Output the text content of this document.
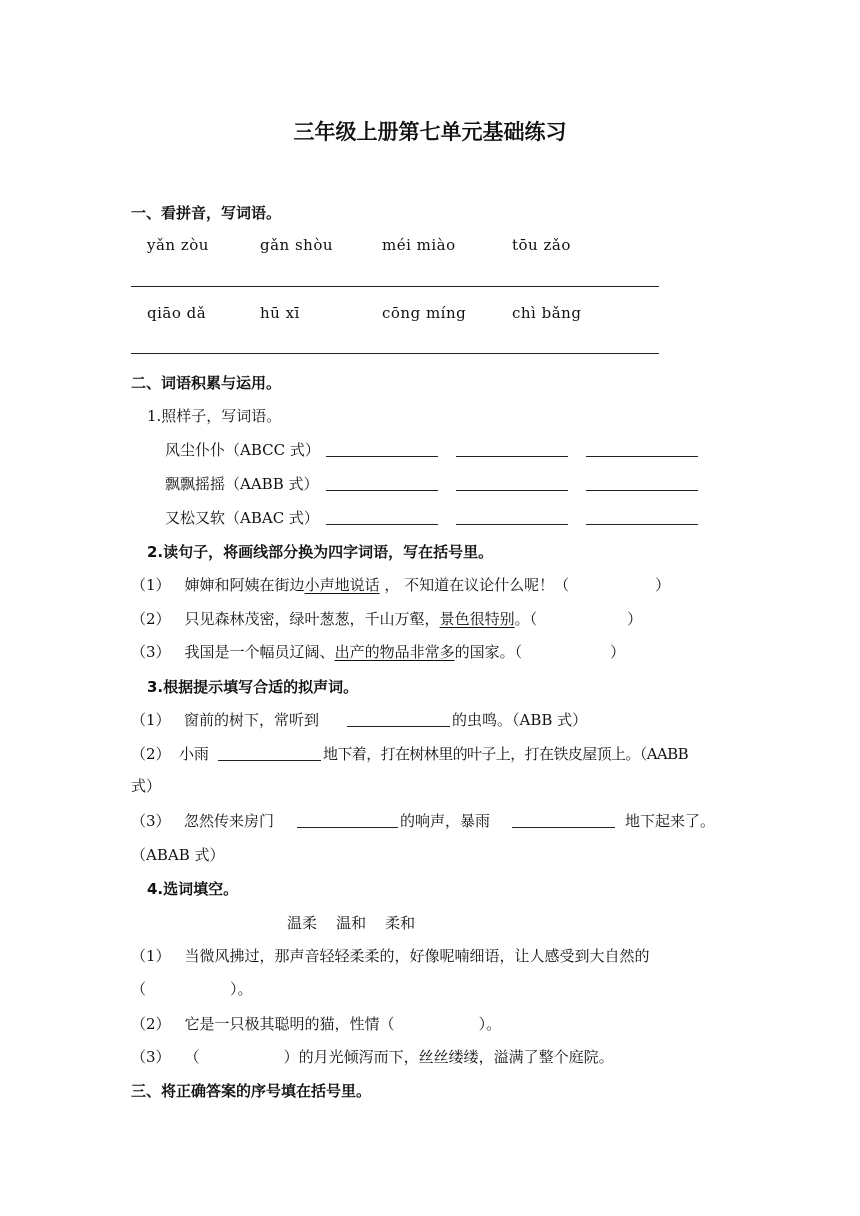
三年级上册第七单元基础练习
一、看拼音，写词语。
yǎn zòu	gǎn shòu	méi miào	tōu zǎo
qiāo dǎ	hū xī	cōng míng	chì bǎng
二、词语积累与运用。
1.照样子，写词语。
风尘仆仆（ABCC 式）
飘飘摇摇（AABB 式）
又松又软（ABAC 式）
2.读句子，将画线部分换为四字词语，写在括号里。
（1） 婶婶和阿姨在街边小声地说话 ， 不知道在议论什么呢！（	）
（2） 只见森林茂密，绿叶葱葱，千山万壑，景色很特别。（	）
（3） 我国是一个幅员辽阔、出产的物品非常多的国家。（	）
3.根据提示填写合适的拟声词。
（1） 窗前的树下，常听到	的虫鸣。（ABB 式）
（2） 小雨	地下着，打在树林里的叶子上，打在铁皮屋顶上。（AABB
式）
（3） 忽然传来房门	的响声，暴雨	地下起来了。
（ABAB 式）
4.选词填空。
温柔    温和    柔和
（1） 当微风拂过，那声音轻轻柔柔的，好像呢喃细语，让人感受到大自然的
（	）。
（2） 它是一只极其聪明的猫，性情（	）。
（3） （	）的月光倾泻而下，丝丝缕缕，溢满了整个庭院。
三、将正确答案的序号填在括号里。
